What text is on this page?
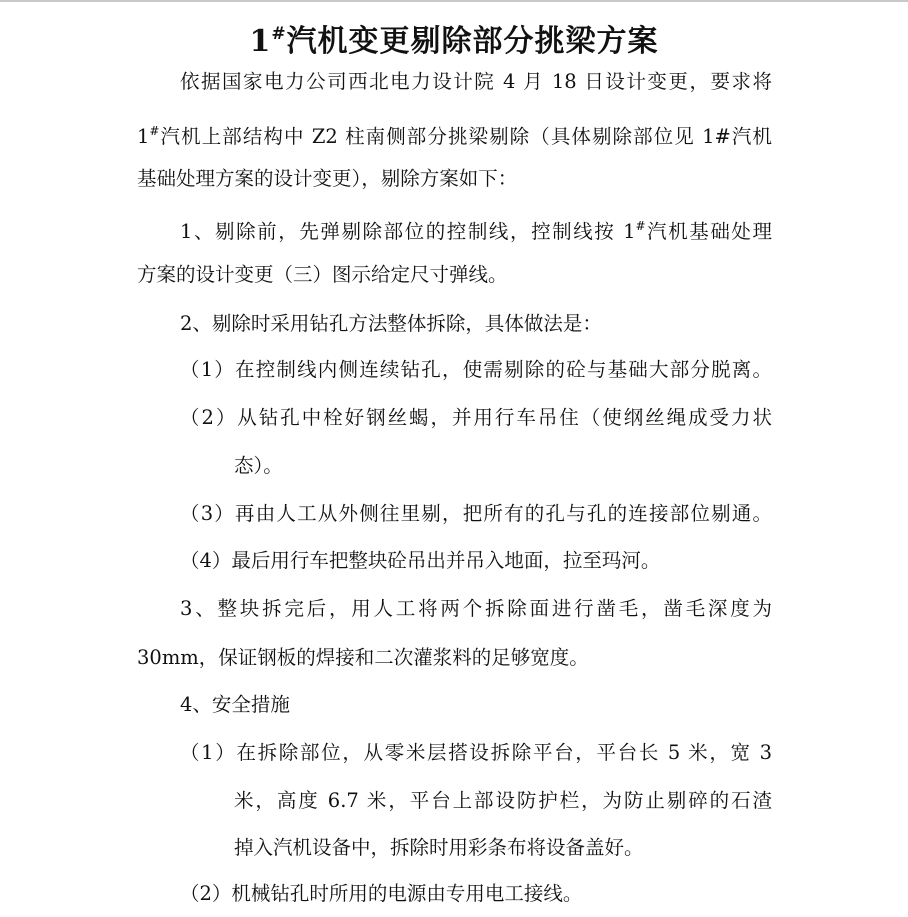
1#汽机变更剔除部分挑梁方案
依据国家电力公司西北电力设计院 4 月 18 日设计变更，要求将
1#汽机上部结构中 Z2 柱南侧部分挑梁剔除（具体剔除部位见 1#汽机
基础处理方案的设计变更），剔除方案如下：
1、剔除前，先弹剔除部位的控制线，控制线按 1#汽机基础处理
方案的设计变更（三）图示给定尺寸弹线。
2、剔除时采用钻孔方法整体拆除，具体做法是：
（1）在控制线内侧连续钻孔，使需剔除的砼与基础大部分脱离。
（2）从钻孔中栓好钢丝蝎，并用行车吊住（使纲丝绳成受力状
态）。
（3）再由人工从外侧往里剔，把所有的孔与孔的连接部位剔通。
（4）最后用行车把整块砼吊出并吊入地面，拉至玛河。
3、整块拆完后，用人工将两个拆除面进行凿毛，凿毛深度为
30mm，保证钢板的焊接和二次灌浆料的足够宽度。
4、安全措施
（1）在拆除部位，从零米层搭设拆除平台，平台长 5 米，宽 3
米，高度 6.7 米，平台上部设防护栏，为防止剔碎的石渣
掉入汽机设备中，拆除时用彩条布将设备盖好。
（2）机械钻孔时所用的电源由专用电工接线。
